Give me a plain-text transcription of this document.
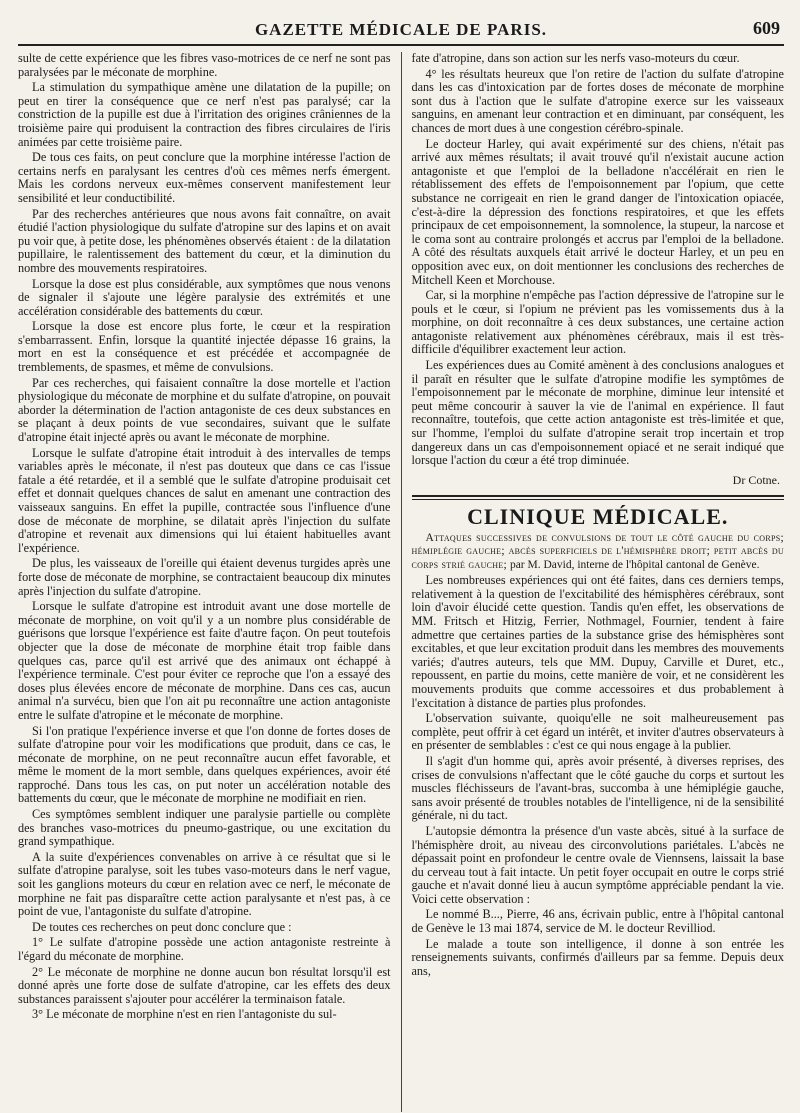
GAZETTE MÉDICALE DE PARIS.	609

sulte de cette expérience que les fibres vaso-motrices de ce nerf ne sont pas paralysées par le méconate de morphine.

La stimulation du sympathique amène une dilatation de la pupille; on peut en tirer la conséquence que ce nerf n'est pas paralysé; car la constriction de la pupille est due à l'irritation des origines crâniennes de la troisième paire qui produisent la contraction des fibres circulaires de l'iris animées par cette troisième paire.

De tous ces faits, on peut conclure que la morphine intéresse l'action de certains nerfs en paralysant les centres d'où ces mêmes nerfs émergent. Mais les cordons nerveux eux-mêmes conservent manifestement leur sensibilité et leur conductibilité.

Par des recherches antérieures que nous avons fait connaître, on avait étudié l'action physiologique du sulfate d'atropine sur des lapins et on avait pu voir que, à petite dose, les phénomènes observés étaient : de la dilatation pupillaire, le ralentissement des battement du cœur, et la diminution du nombre des mouvements respiratoires.

Lorsque la dose est plus considérable, aux symptômes que nous venons de signaler il s'ajoute une légère paralysie des extrémités et une accélération considérable des battements du cœur.

Lorsque la dose est encore plus forte, le cœur et la respiration s'embarrassent. Enfin, lorsque la quantité injectée dépasse 16 grains, la mort en est la conséquence et est précédée et accompagnée de tremblements, de spasmes, et même de convulsions.

Par ces recherches, qui faisaient connaître la dose mortelle et l'action physiologique du méconate de morphine et du sulfate d'atropine, on pouvait aborder la détermination de l'action antagoniste de ces deux substances en se plaçant à deux points de vue secondaires, suivant que le sulfate d'atropine était injecté après ou avant le méconate de morphine.

Lorsque le sulfate d'atropine était introduit à des intervalles de temps variables après le méconate, il n'est pas douteux que dans ce cas l'issue fatale a été retardée, et il a semblé que le sulfate d'atropine produisait cet effet et donnait quelques chances de salut en amenant une contraction des vaisseaux sanguins. En effet la pupille, contractée sous l'influence d'une dose de méconate de morphine, se dilatait après l'injection du sulfate d'atropine et revenait aux dimensions qui lui étaient habituelles avant l'expérience.

De plus, les vaisseaux de l'oreille qui étaient devenus turgides après une forte dose de méconate de morphine, se contractaient beaucoup dix minutes après l'injection du sulfate d'atropine.

Lorsque le sulfate d'atropine est introduit avant une dose mortelle de méconate de morphine, on voit qu'il y a un nombre plus considérable de guérisons que lorsque l'expérience est faite d'autre façon. On peut toutefois objecter que la dose de méconate de morphine était trop faible dans quelques cas, parce qu'il est arrivé que des animaux ont échappé à l'expérience terminale. C'est pour éviter ce reproche que l'on a essayé des doses plus élevées encore de méconate de morphine. Dans ces cas, aucun animal n'a survécu, bien que l'on ait pu reconnaître une action antagoniste entre le sulfate d'atropine et le méconate de morphine.

Si l'on pratique l'expérience inverse et que l'on donne de fortes doses de sulfate d'atropine pour voir les modifications que produit, dans ce cas, le méconate de morphine, on ne peut reconnaître aucun effet favorable, et même le moment de la mort semble, dans quelques expériences, avoir été rapproché. Dans tous les cas, on put noter un accélération notable des battements du cœur, que le méconate de morphine ne modifiait en rien.

Ces symptômes semblent indiquer une paralysie partielle ou complète des branches vaso-motrices du pneumo-gastrique, ou une excitation du grand sympathique.

A la suite d'expériences convenables on arrive à ce résultat que si le sulfate d'atropine paralyse, soit les tubes vaso-moteurs dans le nerf vague, soit les ganglions moteurs du cœur en relation avec ce nerf, le méconate de morphine ne fait pas disparaître cette action paralysante et n'est pas, à ce point de vue, l'antagoniste du sulfate d'atropine.

De toutes ces recherches on peut donc conclure que :

1° Le sulfate d'atropine possède une action antagoniste restreinte à l'égard du méconate de morphine.

2° Le méconate de morphine ne donne aucun bon résultat lorsqu'il est donné après une forte dose de sulfate d'atropine, car les effets des deux substances paraissent s'ajouter pour accélérer la terminaison fatale.

3° Le méconate de morphine n'est en rien l'antagoniste du sul-

fate d'atropine, dans son action sur les nerfs vaso-moteurs du cœur.

4° les résultats heureux que l'on retire de l'action du sulfate d'atropine dans les cas d'intoxication par de fortes doses de méconate de morphine sont dus à l'action que le sulfate d'atropine exerce sur les vaisseaux sanguins, en amenant leur contraction et en diminuant, par conséquent, les chances de mort dues à une congestion cérébro-spinale.

Le docteur Harley, qui avait expérimenté sur des chiens, n'était pas arrivé aux mêmes résultats; il avait trouvé qu'il n'existait aucune action antagoniste et que l'emploi de la belladone n'accélérait en rien le rétablissement des effets de l'empoisonnement par l'opium, que cette substance ne corrigeait en rien le grand danger de l'intoxication opiacée, c'est-à-dire la dépression des fonctions respiratoires, et que les effets principaux de cet empoisonnement, la somnolence, la stupeur, la narcose et le coma sont au contraire prolongés et accrus par l'emploi de la belladone. A côté des résultats auxquels était arrivé le docteur Harley, et un peu en opposition avec eux, on doit mentionner les conclusions des recherches de Mitchell Keen et Morchouse.

Car, si la morphine n'empêche pas l'action dépressive de l'atropine sur le pouls et le cœur, si l'opium ne prévient pas les vomissements dus à la morphine, on doit reconnaître à ces deux substances, une certaine action antagoniste relativement aux phénomènes cérébraux, mais il est très-difficile d'équilibrer exactement leur action.

Les expériences dues au Comité amènent à des conclusions analogues et il paraît en résulter que le sulfate d'atropine modifie les symptômes de l'empoisonnement par le méconate de morphine, diminue leur intensité et peut même concourir à sauver la vie de l'animal en expérience. Il faut reconnaître, toutefois, que cette action antagoniste est très-limitée et que, sur l'homme, l'emploi du sulfate d'atropine serait trop incertain et trop dangereux dans un cas d'empoisonnement opiacé et ne serait indiqué que lorsque l'action du cœur a été trop diminuée.

Dr Cotne.
CLINIQUE MÉDICALE.

Attaques successives de convulsions de tout le côté gauche du corps; hémiplégie gauche; abcès superficiels de l'hémisphère droit; petit abcès du corps strié gauche; par M. David, interne de l'hôpital cantonal de Genève.

Les nombreuses expériences qui ont été faites, dans ces derniers temps, relativement à la question de l'excitabilité des hémisphères cérébraux, sont loin d'avoir élucidé cette question. Tandis qu'en effet, les observations de MM. Fritsch et Hitzig, Ferrier, Nothmagel, Fournier, tendent à faire admettre que certaines parties de la substance grise des hémisphères sont excitables, et que leur excitation produit dans les membres des mouvements variés; d'autres auteurs, tels que MM. Dupuy, Carville et Duret, etc., repoussent, en partie du moins, cette manière de voir, et ne considèrent les mouvements produits que comme accessoires et dus probablement à l'excitation à distance de parties plus profondes.

L'observation suivante, quoiqu'elle ne soit malheureusement pas complète, peut offrir à cet égard un intérêt, et inviter d'autres observateurs à en présenter de semblables : c'est ce qui nous engage à la publier.

Il s'agit d'un homme qui, après avoir présenté, à diverses reprises, des crises de convulsions n'affectant que le côté gauche du corps et surtout les muscles fléchisseurs de l'avant-bras, succomba à une hémiplégie gauche, sans avoir présenté de troubles notables de l'intelligence, ni de la sensibilité générale, ni du tact.

L'autopsie démontra la présence d'un vaste abcès, situé à la surface de l'hémisphère droit, au niveau des circonvolutions pariétales. L'abcès ne dépassait point en profondeur le centre ovale de Viennsens, laissait la base du cerveau tout à fait intacte. Un petit foyer occupait en outre le corps strié gauche et n'avait donné lieu à aucun symptôme appréciable pendant la vie. Voici cette observation :

Le nommé B..., Pierre, 46 ans, écrivain public, entre à l'hôpital cantonal de Genève le 13 mai 1874, service de M. le docteur Revilliod.

Le malade a toute son intelligence, il donne à son entrée les renseignements suivants, confirmés d'ailleurs par sa femme. Depuis deux ans,
